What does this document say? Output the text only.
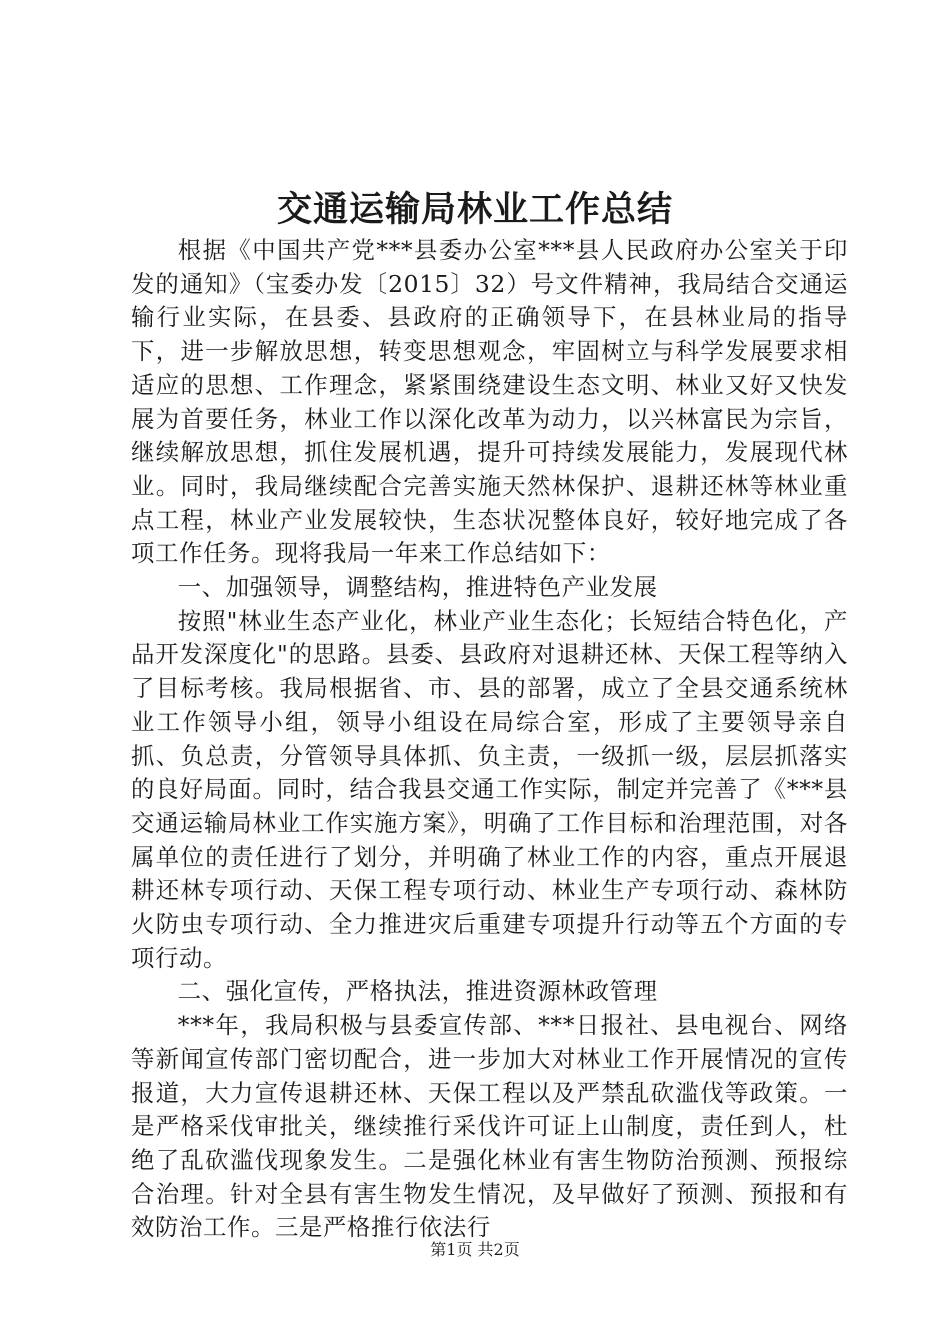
交通运输局林业工作总结

根据《中国共产党***县委办公室***县人民政府办公室关于印发的通知》（宝委办发〔2015〕32）号文件精神，我局结合交通运输行业实际，在县委、县政府的正确领导下，在县林业局的指导下，进一步解放思想，转变思想观念，牢固树立与科学发展要求相适应的思想、工作理念，紧紧围绕建设生态文明、林业又好又快发展为首要任务，林业工作以深化改革为动力，以兴林富民为宗旨，继续解放思想，抓住发展机遇，提升可持续发展能力，发展现代林业。同时，我局继续配合完善实施天然林保护、退耕还林等林业重点工程，林业产业发展较快，生态状况整体良好，较好地完成了各项工作任务。现将我局一年来工作总结如下：

一、加强领导，调整结构，推进特色产业发展

按照"林业生态产业化，林业产业生态化；长短结合特色化，产品开发深度化"的思路。县委、县政府对退耕还林、天保工程等纳入了目标考核。我局根据省、市、县的部署，成立了全县交通系统林业工作领导小组，领导小组设在局综合室，形成了主要领导亲自抓、负总责，分管领导具体抓、负主责，一级抓一级，层层抓落实的良好局面。同时，结合我县交通工作实际，制定并完善了《***县交通运输局林业工作实施方案》，明确了工作目标和治理范围，对各属单位的责任进行了划分，并明确了林业工作的内容，重点开展退耕还林专项行动、天保工程专项行动、林业生产专项行动、森林防火防虫专项行动、全力推进灾后重建专项提升行动等五个方面的专项行动。

二、强化宣传，严格执法，推进资源林政管理

***年，我局积极与县委宣传部、***日报社、县电视台、网络等新闻宣传部门密切配合，进一步加大对林业工作开展情况的宣传报道，大力宣传退耕还林、天保工程以及严禁乱砍滥伐等政策。一是严格采伐审批关，继续推行采伐许可证上山制度，责任到人，杜绝了乱砍滥伐现象发生。二是强化林业有害生物防治预测、预报综合治理。针对全县有害生物发生情况，及早做好了预测、预报和有效防治工作。三是严格推行依法行

第1页 共2页
